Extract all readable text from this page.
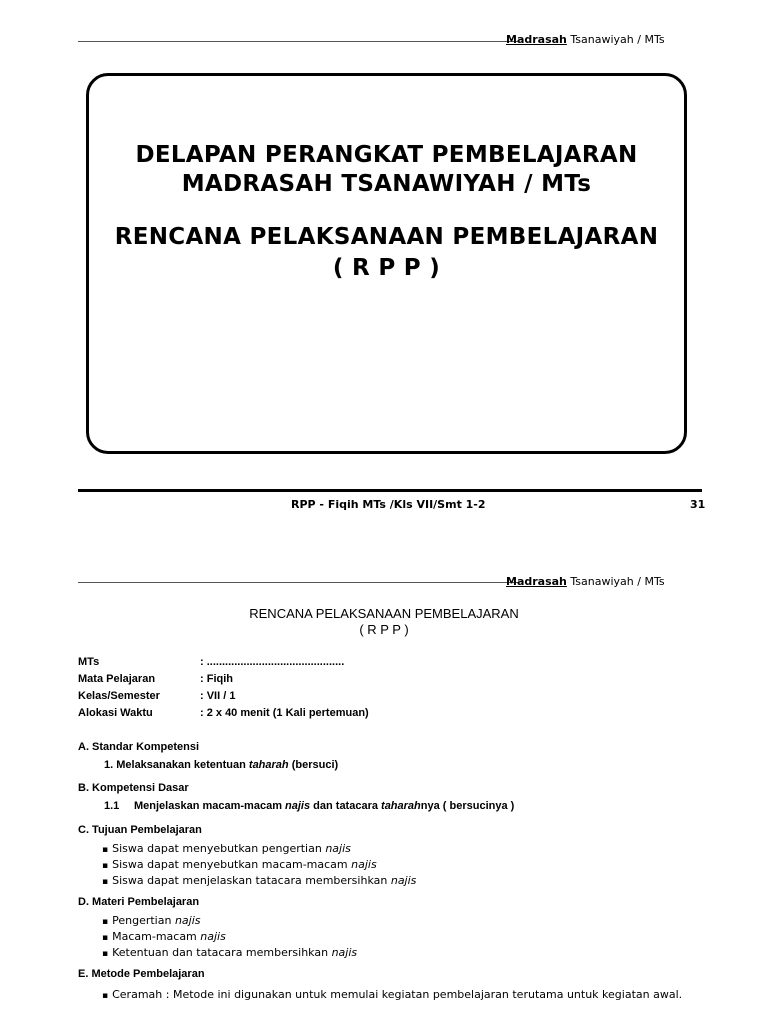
Madrasah Tsanawiyah / MTs
DELAPAN PERANGKAT PEMBELAJARAN
MADRASAH TSANAWIYAH / MTs
RENCANA PELAKSANAAN PEMBELAJARAN
( R P P )
RPP - Fiqih MTs /Kls VII/Smt 1-2	31
Madrasah Tsanawiyah / MTs
RENCANA PELAKSANAAN PEMBELAJARAN
( R P P )
MTs	: .............................................
Mata Pelajaran	: Fiqih
Kelas/Semester	: VII / 1
Alokasi Waktu	: 2 x 40 menit (1 Kali pertemuan)
A. Standar Kompetensi
1. Melaksanakan ketentuan taharah (bersuci)
B. Kompetensi Dasar
1.1 Menjelaskan macam-macam najis dan tatacara taharahnya ( bersucinya )
C. Tujuan Pembelajaran
▪ Siswa dapat menyebutkan pengertian najis
▪ Siswa dapat menyebutkan macam-macam najis
▪ Siswa dapat menjelaskan tatacara membersihkan najis
D. Materi Pembelajaran
▪ Pengertian najis
▪ Macam-macam najis
▪ Ketentuan dan tatacara membersihkan najis
E. Metode Pembelajaran
▪ Ceramah : Metode ini digunakan untuk memulai kegiatan pembelajaran terutama untuk kegiatan awal.
